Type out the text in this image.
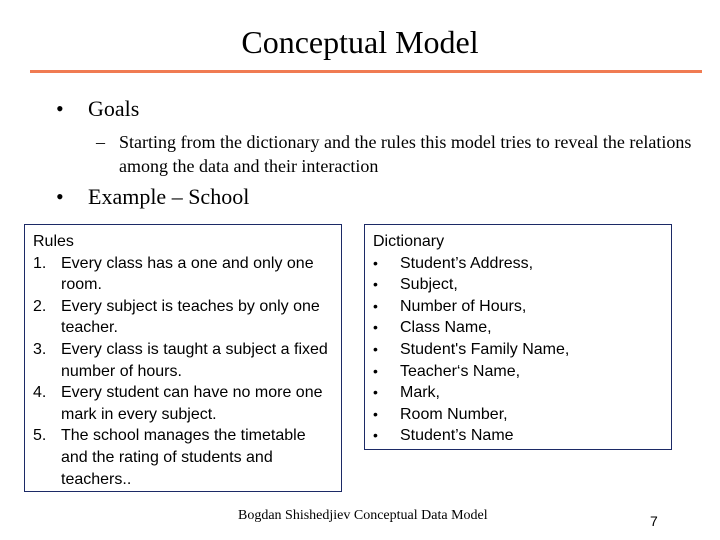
Conceptual Model
• Goals
– Starting from the dictionary and the rules this model tries to reveal the relations among the data and their interaction
• Example – School
Rules
1. Every class has a one and only one room.
2. Every subject is teaches by only one teacher.
3. Every class is taught a subject a fixed number of hours.
4. Every student can have no more one mark in every subject.
5. The school manages the timetable and the rating of students and teachers..
Dictionary
• Student’s Address,
• Subject,
• Number of Hours,
• Class Name,
• Student's Family Name,
• Teacher‘s Name,
• Mark,
• Room Number,
• Student’s Name
Bogdan Shishedjiev Conceptual Data Model	7
